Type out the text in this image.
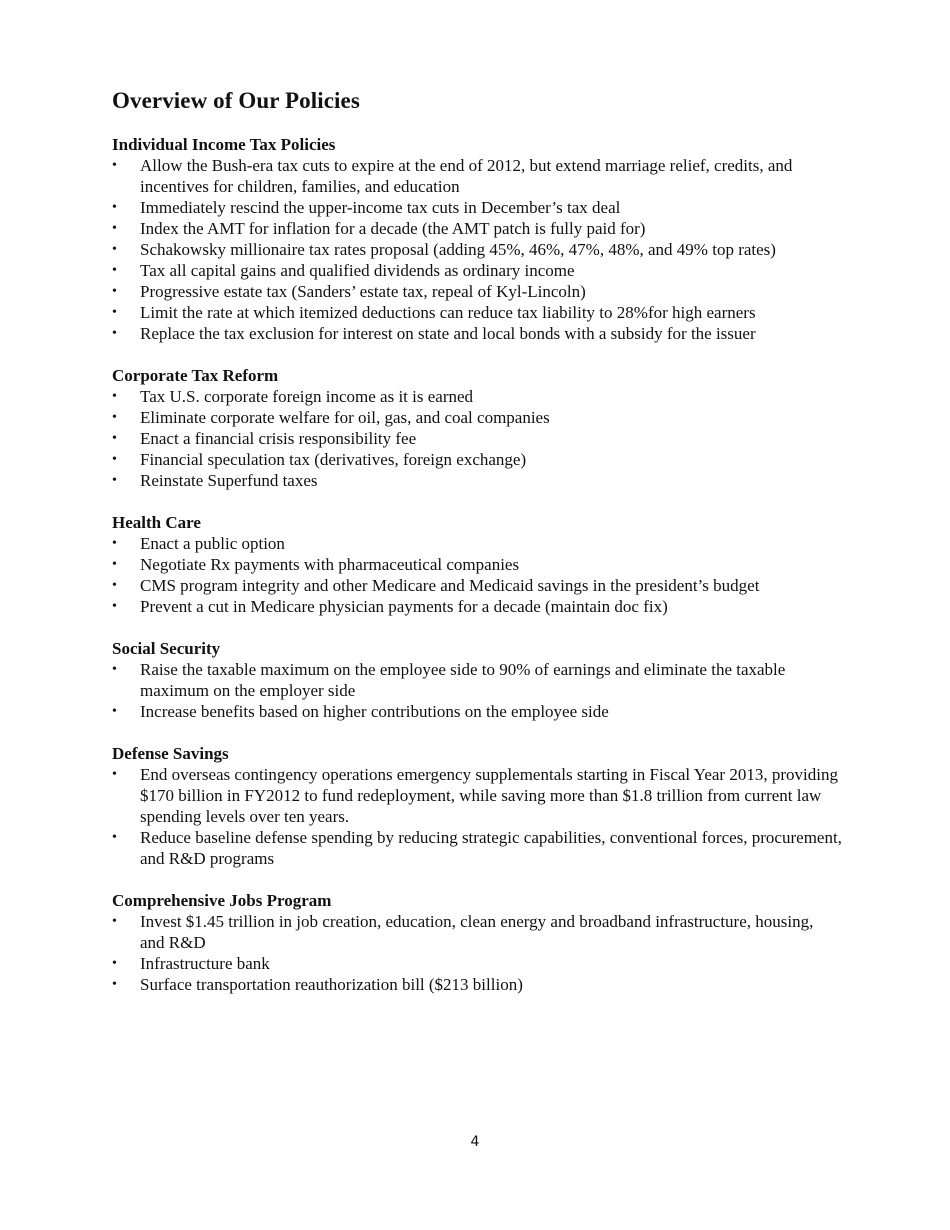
Overview of Our Policies
Individual Income Tax Policies
• Allow the Bush-era tax cuts to expire at the end of 2012, but extend marriage relief, credits, and incentives for children, families, and education
• Immediately rescind the upper-income tax cuts in December’s tax deal
• Index the AMT for inflation for a decade (the AMT patch is fully paid for)
• Schakowsky millionaire tax rates proposal (adding 45%, 46%, 47%, 48%, and 49% top rates)
• Tax all capital gains and qualified dividends as ordinary income
• Progressive estate tax (Sanders’ estate tax, repeal of Kyl-Lincoln)
• Limit the rate at which itemized deductions can reduce tax liability to 28%for high earners
• Replace the tax exclusion for interest on state and local bonds with a subsidy for the issuer
Corporate Tax Reform
• Tax U.S. corporate foreign income as it is earned
• Eliminate corporate welfare for oil, gas, and coal companies
• Enact a financial crisis responsibility fee
• Financial speculation tax (derivatives, foreign exchange)
• Reinstate Superfund taxes
Health Care
• Enact a public option
• Negotiate Rx payments with pharmaceutical companies
• CMS program integrity and other Medicare and Medicaid savings in the president’s budget
• Prevent a cut in Medicare physician payments for a decade (maintain doc fix)
Social Security
• Raise the taxable maximum on the employee side to 90% of earnings and eliminate the taxable maximum on the employer side
• Increase benefits based on higher contributions on the employee side
Defense Savings
• End overseas contingency operations emergency supplementals starting in Fiscal Year 2013, providing $170 billion in FY2012 to fund redeployment, while saving more than $1.8 trillion from current law spending levels over ten years.
• Reduce baseline defense spending by reducing strategic capabilities, conventional forces, procurement, and R&D programs
Comprehensive Jobs Program
• Invest $1.45 trillion in job creation, education, clean energy and broadband infrastructure, housing, and R&D
• Infrastructure bank
• Surface transportation reauthorization bill ($213 billion)
4
